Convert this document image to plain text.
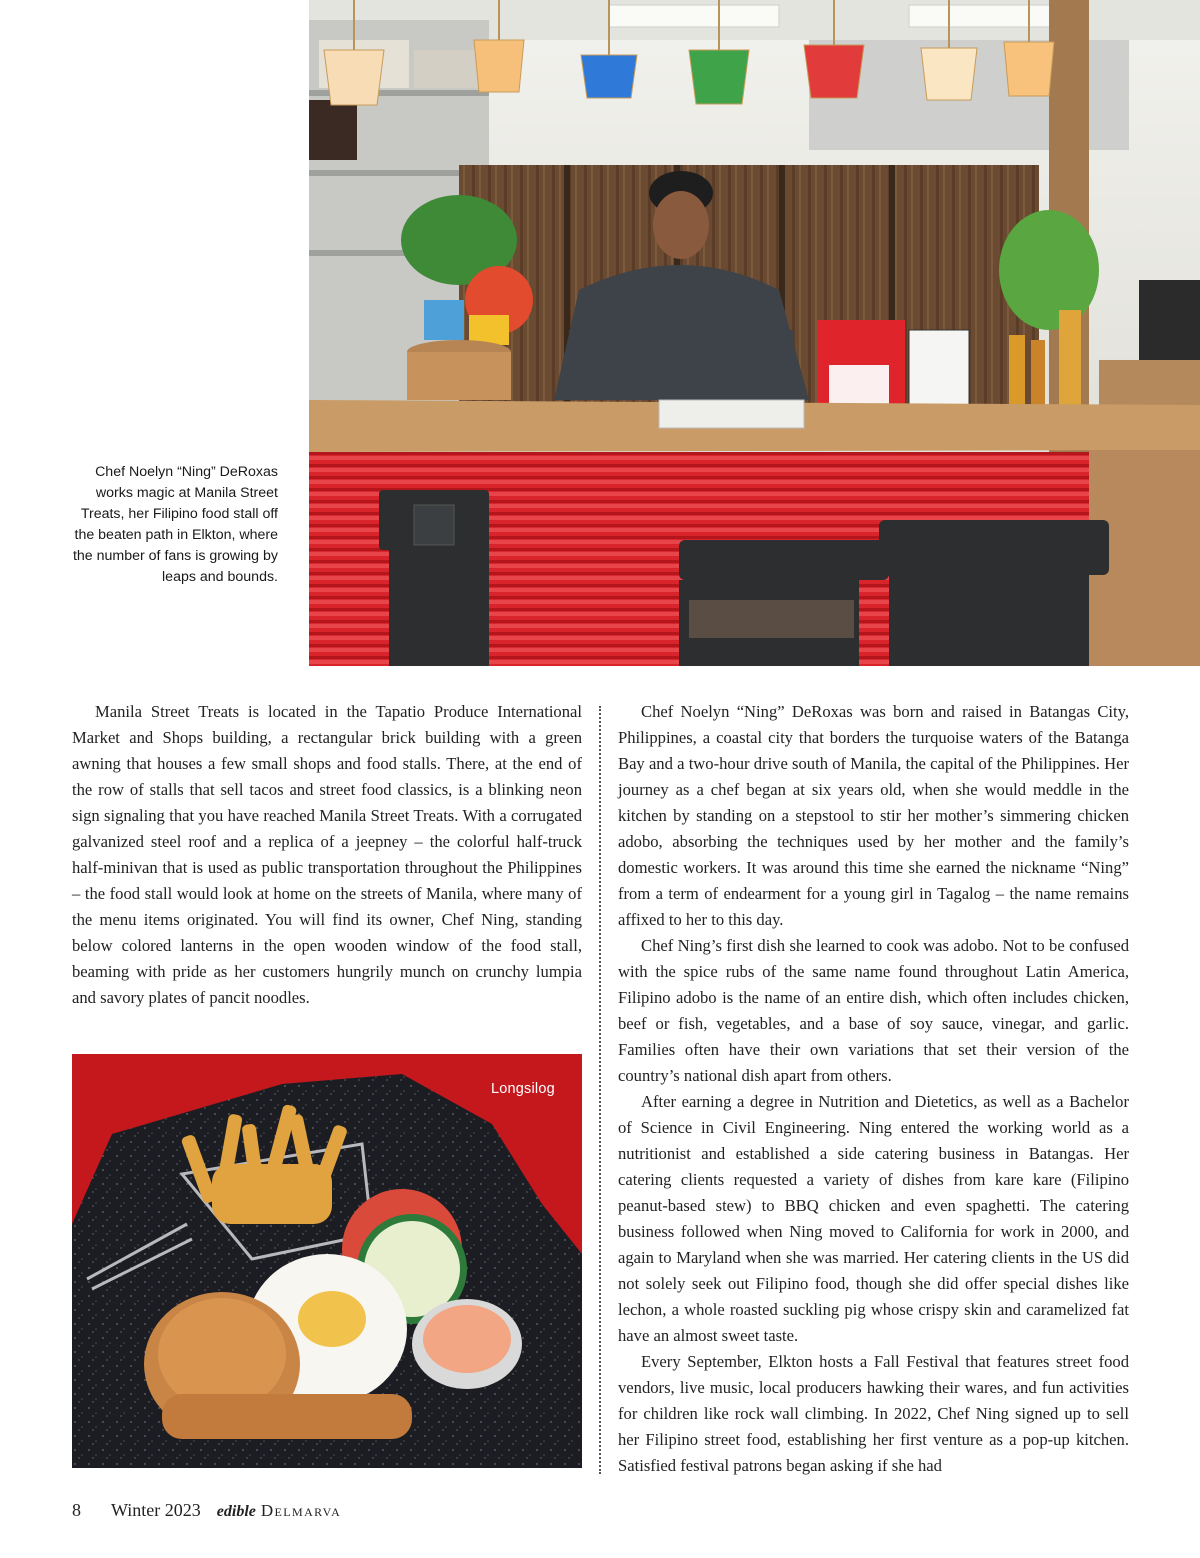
Chef Noelyn “Ning” DeRoxas works magic at Manila Street Treats, her Filipino food stall off the beaten path in Elkton, where the number of fans is growing by leaps and bounds.

Manila Street Treats is located in the Tapatio Produce International Market and Shops building, a rectangular brick building with a green awning that houses a few small shops and food stalls. There, at the end of the row of stalls that sell tacos and street food classics, is a blinking neon sign signaling that you have reached Manila Street Treats. With a corrugated galvanized steel roof and a replica of a jeepney – the colorful half-truck half-minivan that is used as public transportation throughout the Philippines – the food stall would look at home on the streets of Manila, where many of the menu items originated. You will find its owner, Chef Ning, standing below colored lanterns in the open wooden window of the food stall, beaming with pride as her customers hungrily munch on crunchy lumpia and savory plates of pancit noodles.

Chef Noelyn “Ning” DeRoxas was born and raised in Batangas City, Philippines, a coastal city that borders the turquoise waters of the Batanga Bay and a two-hour drive south of Manila, the capital of the Philippines. Her journey as a chef began at six years old, when she would meddle in the kitchen by standing on a stepstool to stir her mother’s simmering chicken adobo, absorbing the techniques used by her mother and the family’s domestic workers. It was around this time she earned the nickname “Ning” from a term of endearment for a young girl in Tagalog – the name remains affixed to her to this day.

Chef Ning’s first dish she learned to cook was adobo. Not to be confused with the spice rubs of the same name found throughout Latin America, Filipino adobo is the name of an entire dish, which often includes chicken, beef or fish, vegetables, and a base of soy sauce, vinegar, and garlic. Families often have their own variations that set their version of the country’s national dish apart from others.

After earning a degree in Nutrition and Dietetics, as well as a Bachelor of Science in Civil Engineering. Ning entered the working world as a nutritionist and established a side catering business in Batangas. Her catering clients requested a variety of dishes from kare kare (Filipino peanut-based stew) to BBQ chicken and even spaghetti. The catering business followed when Ning moved to California for work in 2000, and again to Maryland when she was married. Her catering clients in the US did not solely seek out Filipino food, though she did offer special dishes like lechon, a whole roasted suckling pig whose crispy skin and caramelized fat have an almost sweet taste.

Every September, Elkton hosts a Fall Festival that features street food vendors, live music, local producers hawking their wares, and fun activities for children like rock wall climbing. In 2022, Chef Ning signed up to sell her Filipino street food, establishing her first venture as a pop-up kitchen. Satisfied festival patrons began asking if she had

Longsilog
8 Winter 2023 edible Delmarva
